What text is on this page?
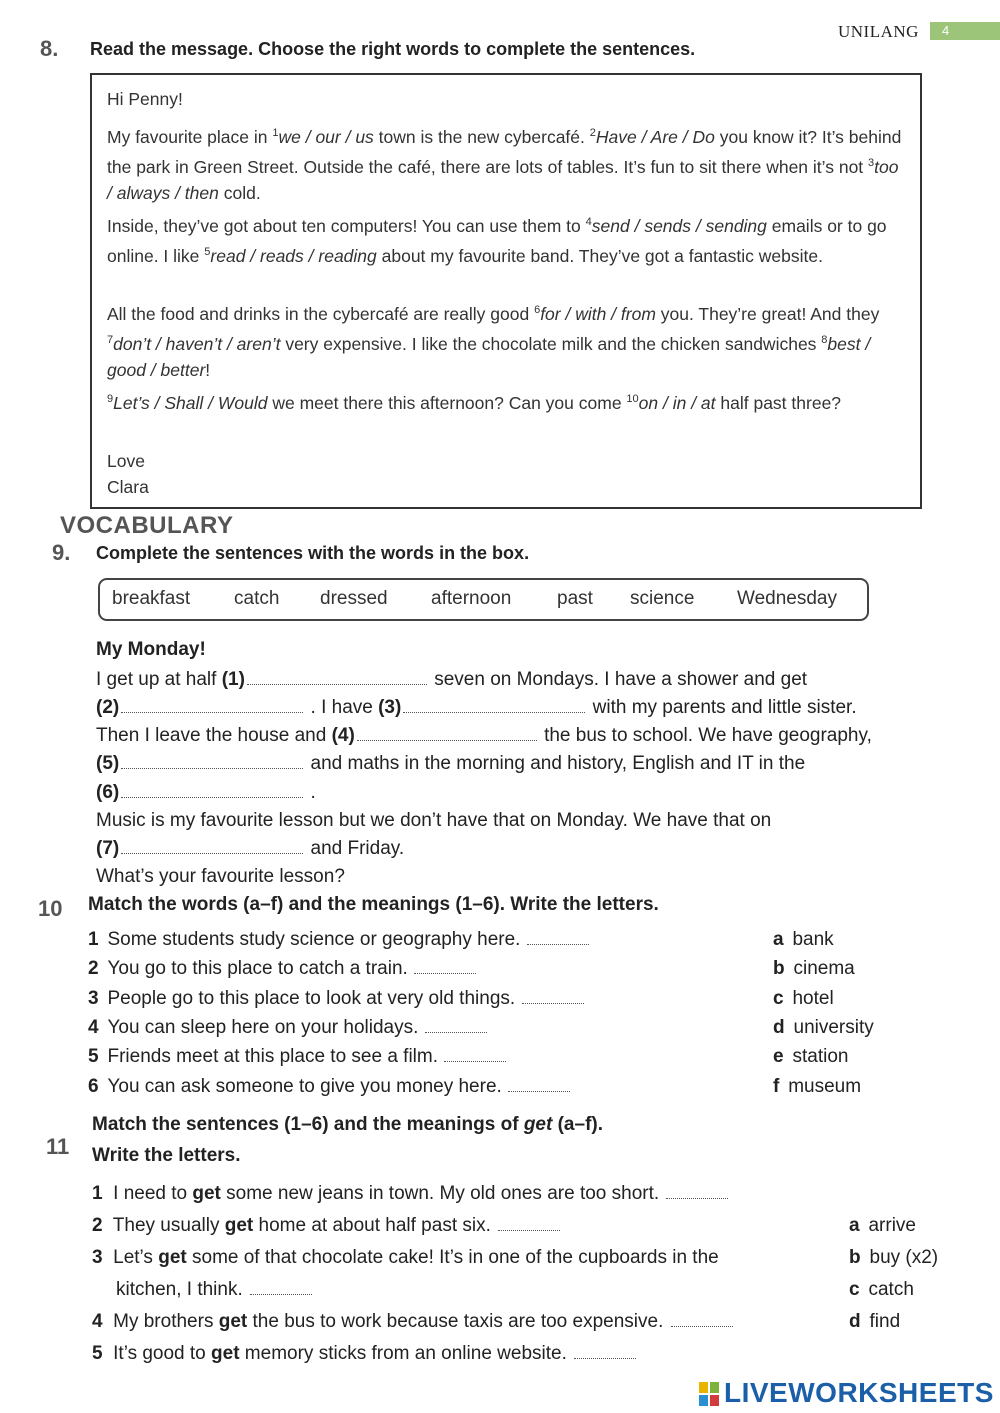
UNILANG	4
8. Read the message. Choose the right words to complete the sentences.
Hi Penny!
My favourite place in $^1$we / our / us town is the new cybercafé. $^2$Have / Are / Do you know it? It’s behind the park in Green Street. Outside the café, there are lots of tables. It’s fun to sit there when it’s not $^3$too / always / then cold.
Inside, they’ve got about ten computers! You can use them to $^4$send / sends / sending emails or to go online. I like $^5$read / reads / reading about my favourite band. They’ve got a fantastic website.
All the food and drinks in the cybercafé are really good $^6$for / with / from you. They’re great! And they $^7$don’t / haven’t / aren’t very expensive. I like the chocolate milk and the chicken sandwiches $^8$best / good / better!
$^9$Let’s / Shall / Would we meet there this afternoon? Can you come $^{10}$on / in / at half past three?
Love
Clara
VOCABULARY
9. Complete the sentences with the words in the box.
breakfast catch dressed afternoon past science Wednesday
My Monday!
I get up at half (1)	seven on Mondays. I have a shower and get
(2)	. I have (3)	with my parents and little sister.
Then I leave the house and (4)	the bus to school. We have geography,
(5)	and maths in the morning and history, English and IT in the
(6)	.
Music is my favourite lesson but we don’t have that on Monday. We have that on
(7)	and Friday.
What’s your favourite lesson?
10 Match the words (a–f) and the meanings (1–6). Write the letters.
1 Some students study science or geography here.
2 You go to this place to catch a train.
3 People go to this place to look at very old things.
4 You can sleep here on your holidays.
5 Friends meet at this place to see a film.
6 You can ask someone to give you money here.
a bank
b cinema
c hotel
d university
e station
f museum
11
Match the sentences (1–6) and the meanings of get (a–f).
Write the letters.
1  I need to get some new jeans in town. My old ones are too short.
2  They usually get home at about half past six.
3  Let’s get some of that chocolate cake! It’s in one of the cupboards in the
kitchen, I think.
4  My brothers get the bus to work because taxis are too expensive.
5  It’s good to get memory sticks from an online website.
a arrive
b buy (x2)
c catch
d find
LIVEWORKSHEETS
